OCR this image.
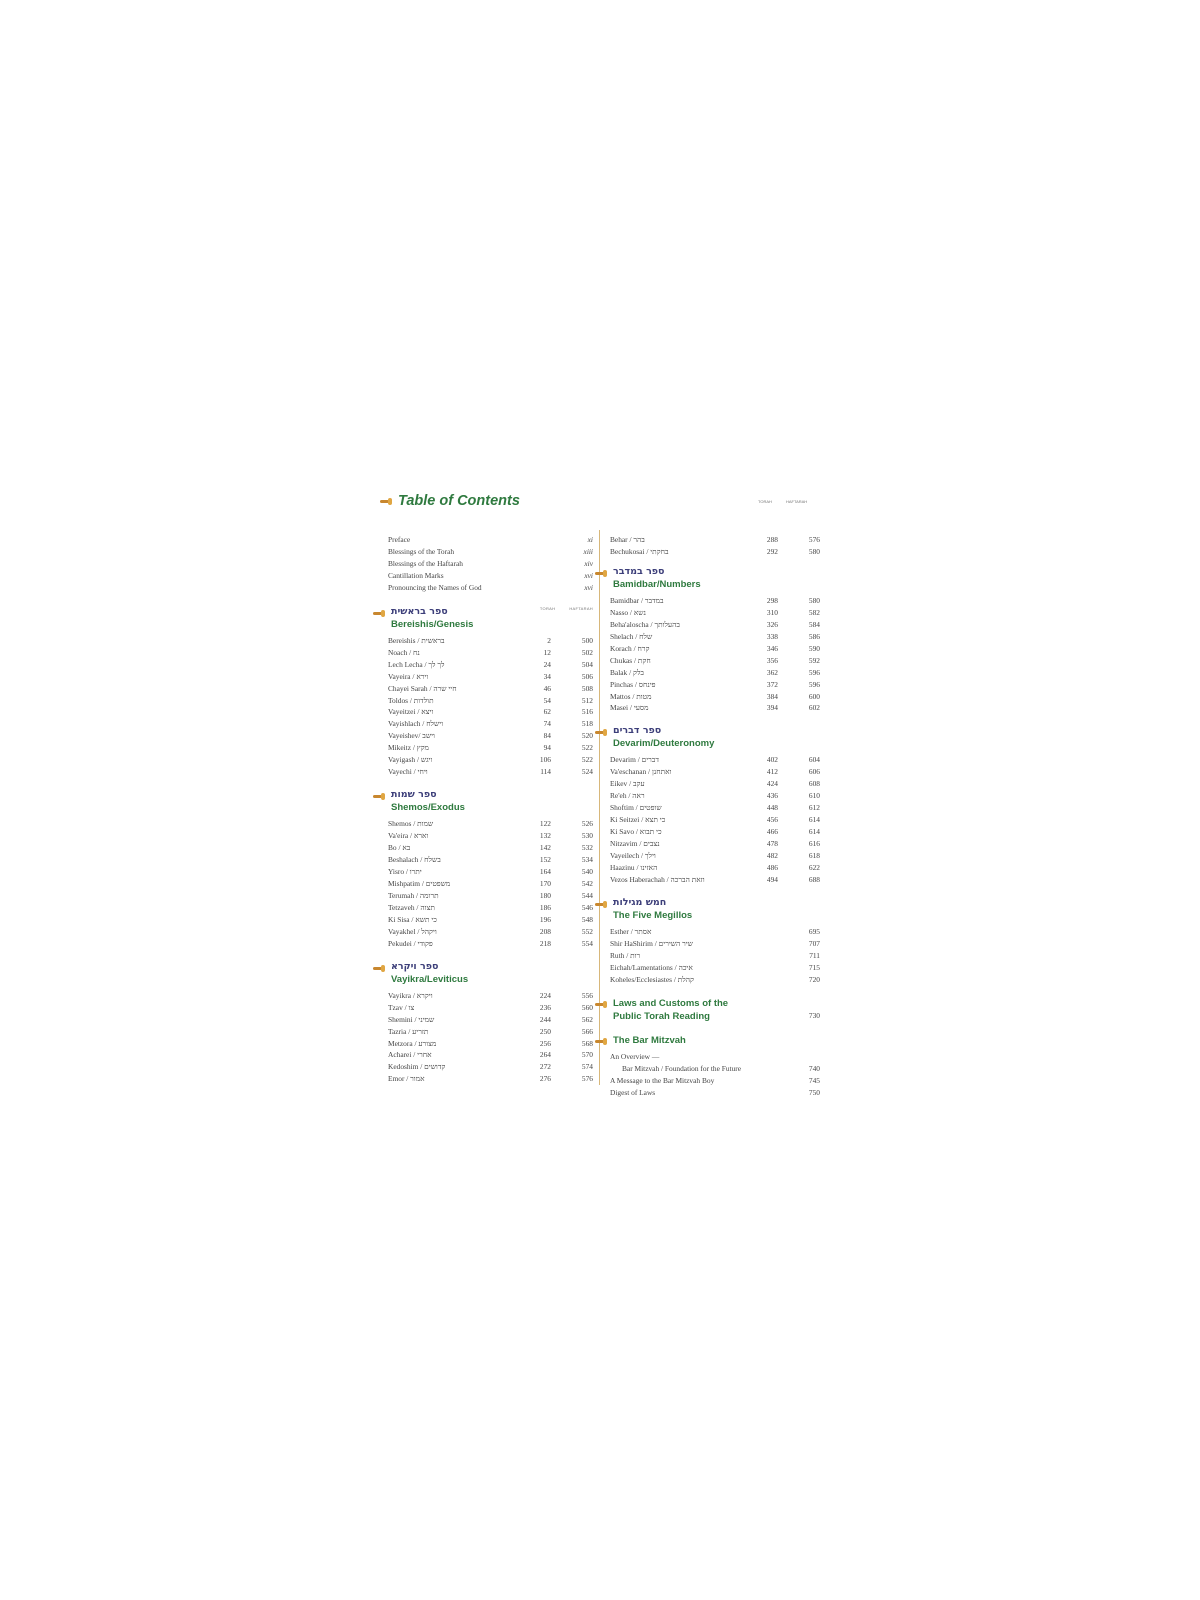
Table of Contents	TORAH	HAFTARAH
Preface	xi
Blessings of the Torah	xiii
Blessings of the Haftarah	xiv
Cantillation Marks	xvi
Pronouncing the Names of God	xvi
ספר בראשית
Bereishis/Genesis
TORAH	HAFTARAH
Bereishis / בראשית	2	500
Noach / נח	12	502
Lech Lecha / לך לך	24	504
Vayeira / וירא	34	506
Chayei Sarah / חיי שרה	46	508
Toldos / תולדות	54	512
Vayeitzei / ויצא	62	516
Vayishlach / וישלח	74	518
Vayeishev/ וישב	84	520
Mikeitz / מקץ	94	522
Vayigash / ויגש	106	522
Vayechi / ויחי	114	524
ספר שמות
Shemos/Exodus
Shemos / שמות	122	526
Va'eira / וארא	132	530
Bo / בא	142	532
Beshalach / בשלח	152	534
Yisro / יתרו	164	540
Mishpatim / משפטים	170	542
Terumah / תרומה	180	544
Tetzaveh / תצוה	186	546
Ki Sisa / כי תשא	196	548
Vayakhel / ויקהל	208	552
Pekudei / פקודי	218	554
ספר ויקרא
Vayikra/Leviticus
Vayikra / ויקרא	224	556
Tzav / צו	236	560
Shemini / שמיני	244	562
Tazria / תזריע	250	566
Metzora / מצורע	256	568
Acharei / אחרי	264	570
Kedoshim / קדושים	272	574
Emor / אמור	276	576
Behar / בהר	288	576
Bechukosai / בחקתי	292	580
ספר במדבר
Bamidbar/Numbers
Bamidbar / במדבר	298	580
Nasso / נשא	310	582
Beha'aloscha / בהעלותך	326	584
Shelach / שלח	338	586
Korach / קרח	346	590
Chukas / חקת	356	592
Balak / בלק	362	596
Pinchas / פינחס	372	596
Mattos / מטות	384	600
Masei / מסעי	394	602
ספר דברים
Devarim/Deuteronomy
Devarim / דברים	402	604
Va'eschanan / ואתחנן	412	606
Eikev / עקב	424	608
Re'eh / ראה	436	610
Shoftim / שופטים	448	612
Ki Seitzei / כי תצא	456	614
Ki Savo / כי תבוא	466	614
Nitzavim / נצבים	478	616
Vayeilech / וילך	482	618
Haazinu / האזינו	486	622
Vezos Haberachah / וזאת הברכה	494	688
חמש מגילות
The Five Megillos
Esther / אסתר	695
Shir HaShirim / שיר השירים	707
Ruth / רות	711
Eichah/Lamentations / איכה	715
Koheles/Ecclesiastes / קהלת	720
Laws and Customs of the
Public Torah Reading	730
The Bar Mitzvah
An Overview —
Bar Mitzvah / Foundation for the Future	740
A Message to the Bar Mitzvah Boy	745
Digest of Laws	750
